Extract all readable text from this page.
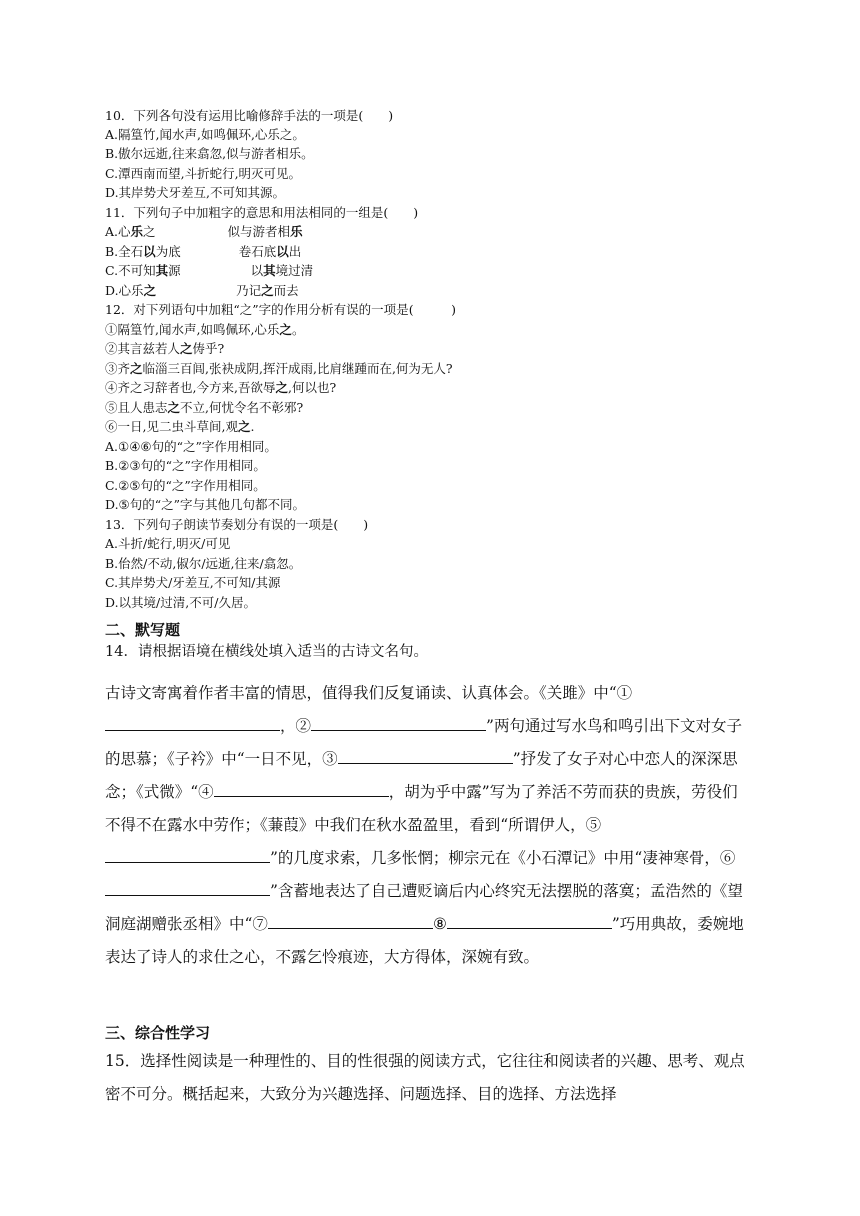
10．下列各句没有运用比喻修辞手法的一项是(　　)
A.隔篁竹,闻水声,如鸣佩环,心乐之。
B.傲尔远逝,往来翕忽,似与游者相乐。
C.潭西南而望,斗折蛇行,明灭可见。
D.其岸势犬牙差互,不可知其源。
11．下列句子中加粗字的意思和用法相同的一组是(　　)
A.心乐之	似与游者相乐
B.全石以为底	卷石底以出
C.不可知其源	以其境过清
D.心乐之	乃记之而去
12．对下列语句中加粗“之”字的作用分析有误的一项是(　　　)
①隔篁竹,闻水声,如鸣佩环,心乐之。
②其言兹若人之俦乎?
③齐之临淄三百闾,张袂成阴,挥汗成雨,比肩继踵而在,何为无人?
④齐之习辞者也,今方来,吾欲辱之,何以也?
⑤且人患志之不立,何忧令名不彰邪?
⑥一日,见二虫斗草间,观之.
A.①④⑥句的“之”字作用相同。
B.②③句的“之”字作用相同。
C.②⑤句的“之”字作用相同。
D.⑤句的“之”字与其他几句都不同。
13．下列句子朗读节奏划分有误的一项是(　　)
A.斗折/蛇行,明灭/可见
B.佁然/不动,俶尔/远逝,往来/翕忽。
C.其岸势犬/牙差互,不可知/其源
D.以其境/过清,不可/久居。
二、默写题
14．请根据语境在横线处填入适当的古诗文名句。
古诗文寄寓着作者丰富的情思，值得我们反复诵读、认真体会。《关雎》中“①，②	”两句通过写水鸟和鸣引出下文对女子的思慕；《子衿》中“一日不见，③	”抒发了女子对心中恋人的深深思念；《式微》“④	，胡为乎中露”写为了养活不劳而获的贵族，劳役们不得不在露水中劳作；《蒹葭》中我们在秋水盈盈里，看到“所谓伊人，⑤”的几度求索，几多怅惘；柳宗元在《小石潭记》中用“凄神寒骨，⑥”含蓄地表达了自己遭贬谪后内心终究无法摆脱的落寞；孟浩然的《望洞庭湖赠张丞相》中“⑦	⑧	”巧用典故，委婉地表达了诗人的求仕之心，不露乞怜痕迹，大方得体，深婉有致。
三、综合性学习
15．选择性阅读是一种理性的、目的性很强的阅读方式，它往往和阅读者的兴趣、思考、观点密不可分。概括起来，大致分为兴趣选择、问题选择、目的选择、方法选择
